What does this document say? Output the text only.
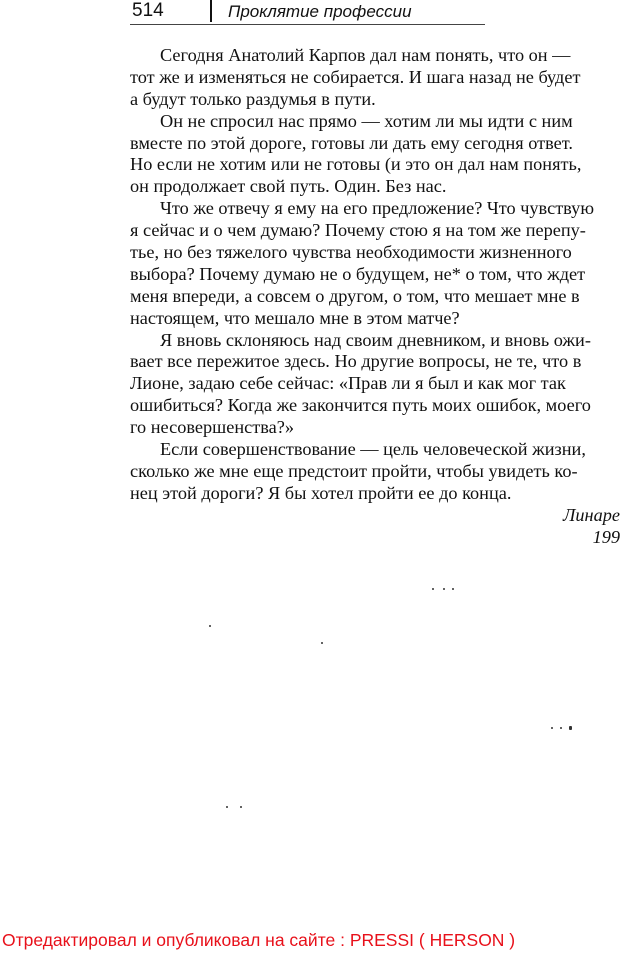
514	Проклятие профессии
Сегодня Анатолий Карпов дал нам понять, что он —
тот же и изменяться не собирается. И шага назад не будет
а будут только раздумья в пути.
Он не спросил нас прямо — хотим ли мы идти с ним
вместе по этой дороге, готовы ли дать ему сегодня ответ.
Но если не хотим или не готовы (и это он дал нам понять,
он продолжает свой путь. Один. Без нас.
Что же отвечу я ему на его предложение? Что чувствую
я сейчас и о чем думаю? Почему стою я на том же перепу-
тье, но без тяжелого чувства необходимости жизненного
выбора? Почему думаю не о будущем, не* о том, что ждет
меня впереди, а совсем о другом, о том, что мешает мне в
настоящем, что мешало мне в этом матче?
Я вновь склоняюсь над своим дневником, и вновь ожи-
вает все пережитое здесь. Но другие вопросы, не те, что в
Лионе, задаю себе сейчас: «Прав ли я был и как мог так
ошибиться? Когда же закончится путь моих ошибок, моего
го несовершенства?»
Если совершенствование — цель человеческой жизни,
сколько же мне еще предстоит пройти, чтобы увидеть ко-
нец этой дороги? Я бы хотел пройти ее до конца.
Линаре
199
Отредактировал и опубликовал на сайте : PRESSI ( HERSON )
